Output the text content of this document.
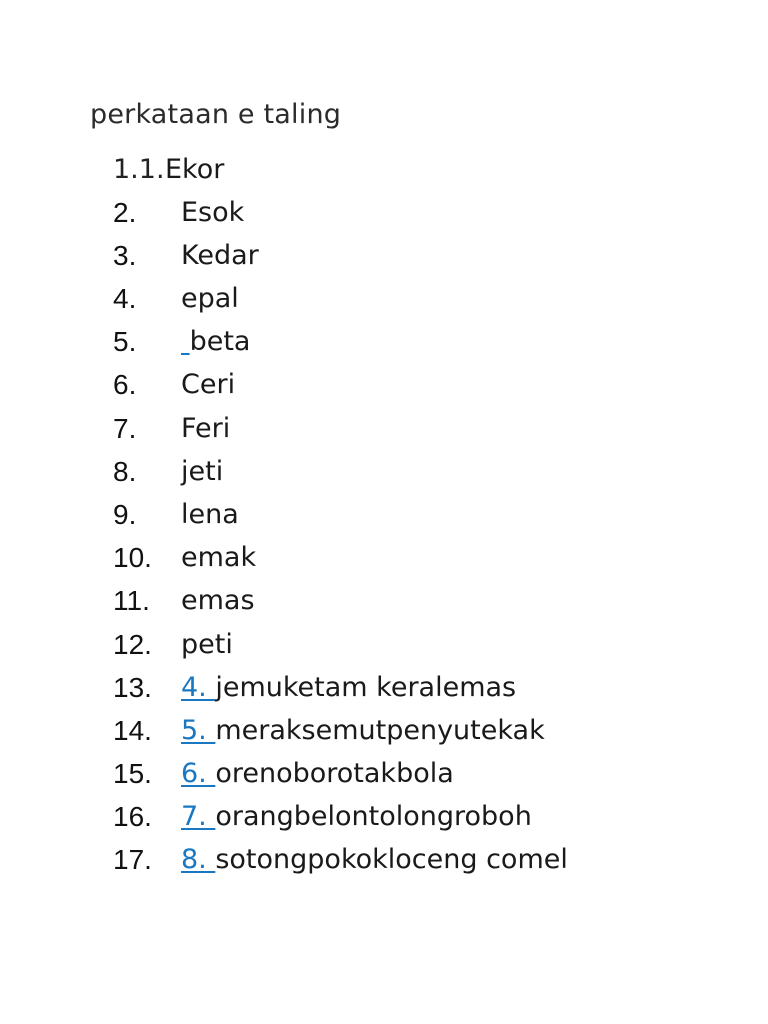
perkataan e taling
1.1. Ekor
2. Esok
3. Kedar
4. epal
5.	beta
6. Ceri
7. Feri
8. jeti
9. lena
10. emak
11. emas
12. peti
13. 4. jemuketam keralemas
14. 5. meraksemutpenyutekak
15. 6. orenoborotakbola
16. 7. orangbelontolongroboh
17. 8. sotongpokokloceng comel
